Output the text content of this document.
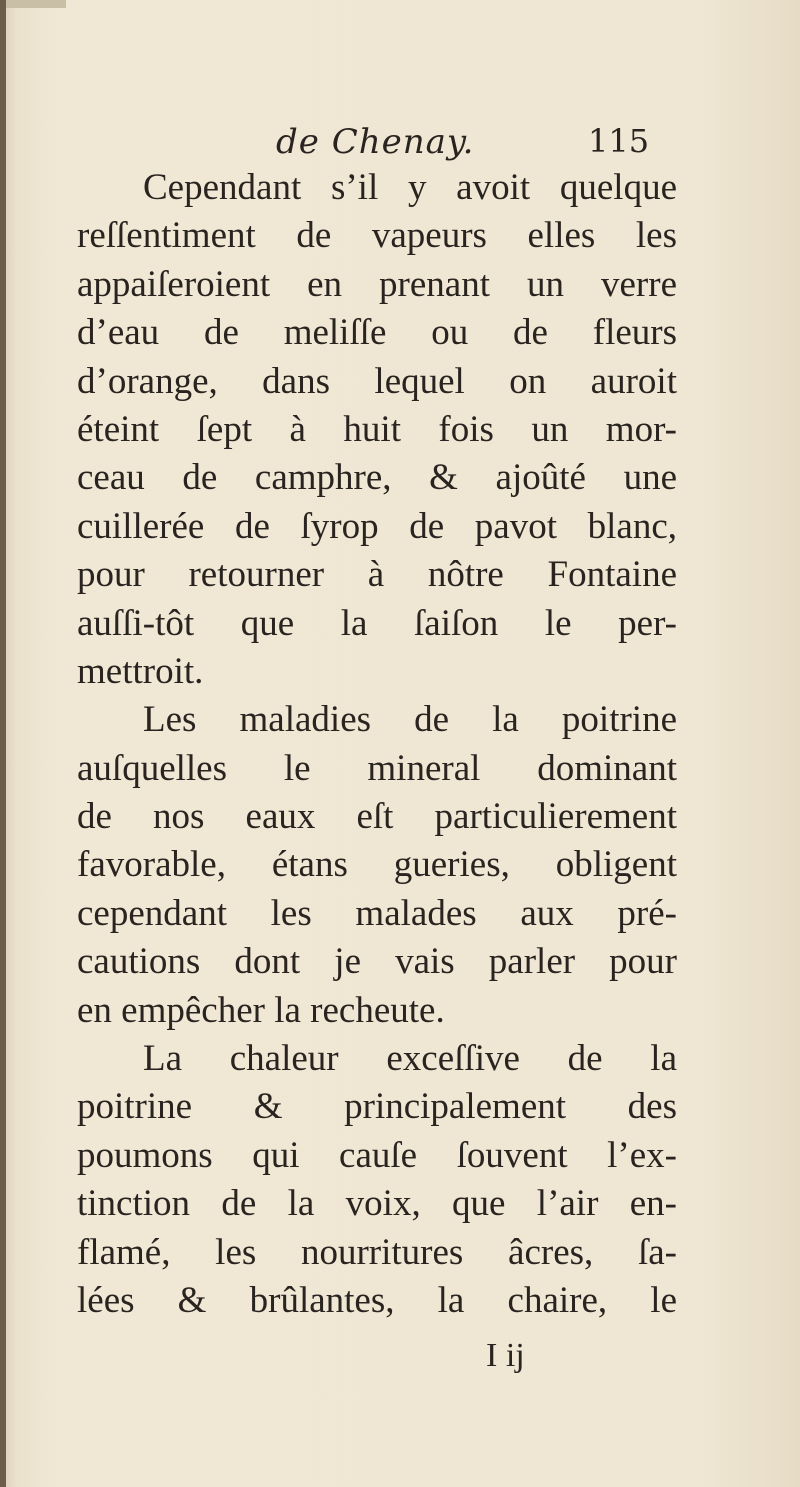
de Chenay.	115
Cependant s’il y avoit quelque
reſſentiment de vapeurs elles les
appaiſeroient en prenant un verre
d’eau de meliſſe ou de fleurs
d’orange, dans lequel on auroit
éteint ſept à huit fois un mor-
ceau de camphre, & ajoûté une
cuillerée de ſyrop de pavot blanc,
pour retourner à nôtre Fontaine
auſſi-tôt que la ſaiſon le per-
mettroit.
Les maladies de la poitrine
auſquelles le mineral dominant
de nos eaux eſt particulierement
favorable, étans gueries, obligent
cependant les malades aux pré-
cautions dont je vais parler pour
en empêcher la recheute.
La chaleur exceſſive de la
poitrine & principalement des
poumons qui cauſe ſouvent l’ex-
tinction de la voix, que l’air en-
flamé, les nourritures âcres, ſa-
lées & brûlantes, la chaire, le
I ij
